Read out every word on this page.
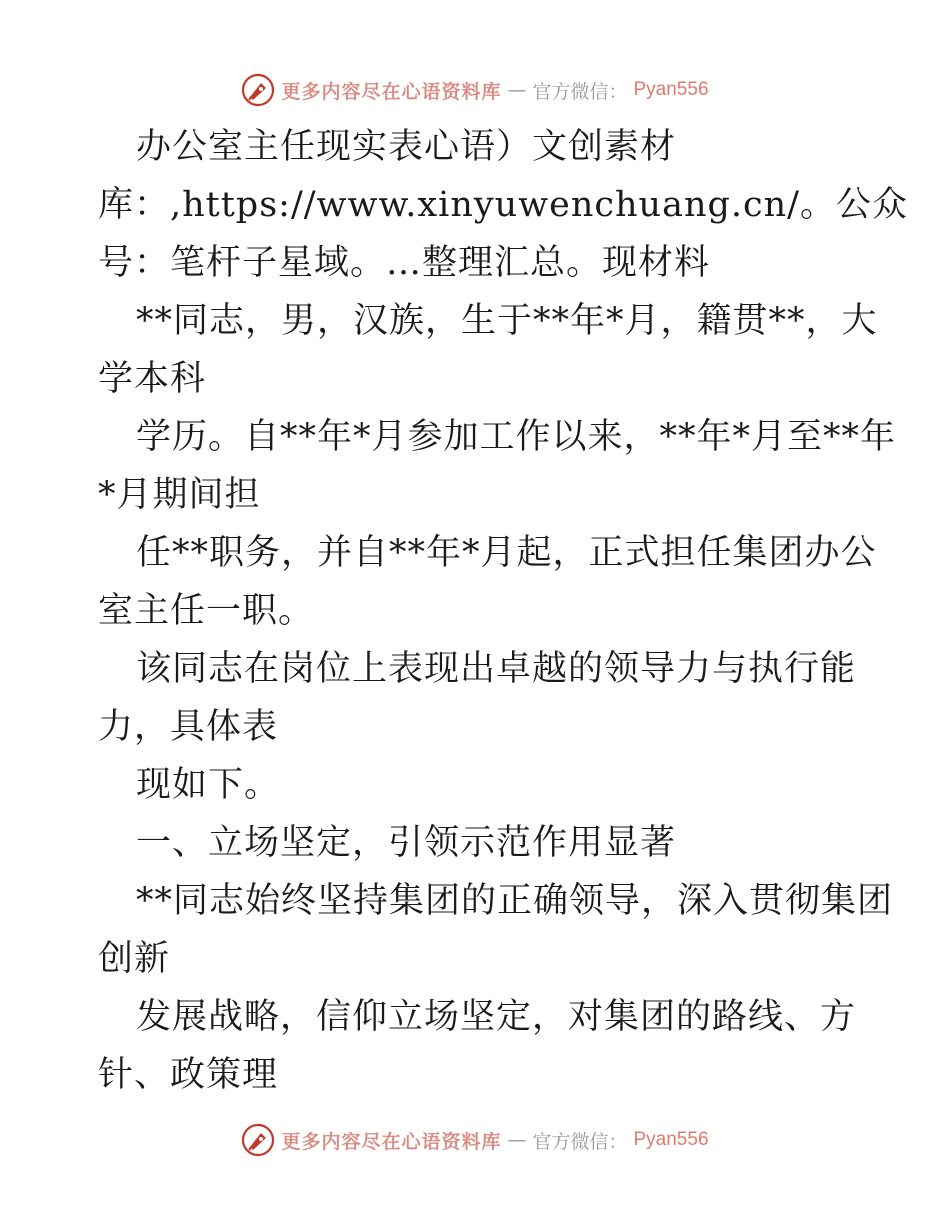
更多内容尽在心语资料库 — 官方微信： Pyan556
办公室主任现实表心语）文创素材
库：,https://www.xinyuwenchuang.cn/。公众
号：笔杆子星域。…整理汇总。现材料
**同志，男，汉族，生于**年*月，籍贯**，大
学本科
学历。自**年*月参加工作以来，**年*月至**年
*月期间担
任**职务，并自**年*月起，正式担任集团办公
室主任一职。
该同志在岗位上表现出卓越的领导力与执行能
力，具体表
现如下。
一、立场坚定，引领示范作用显著
**同志始终坚持集团的正确领导，深入贯彻集团
创新
发展战略，信仰立场坚定，对集团的路线、方
针、政策理
更多内容尽在心语资料库 — 官方微信： Pyan556
